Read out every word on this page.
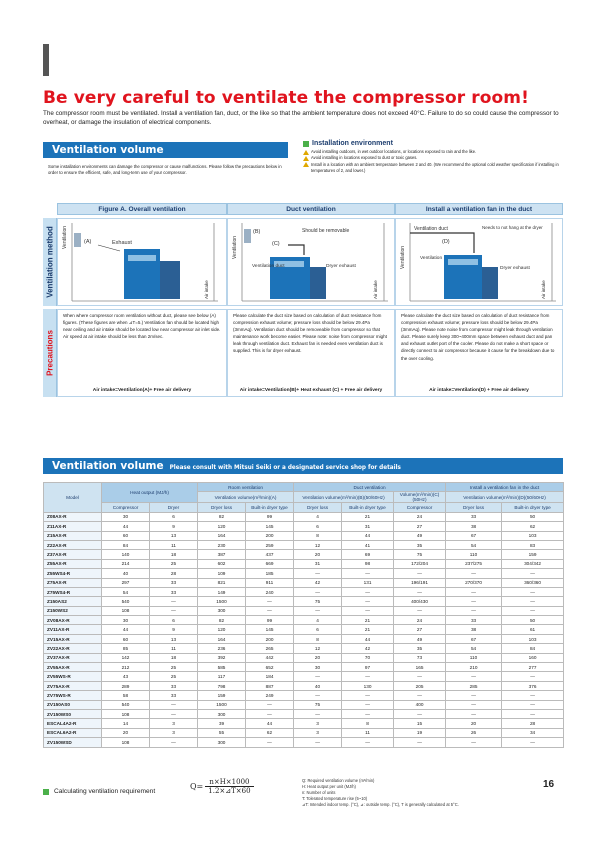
Be very careful to ventilate the compressor room!
The compressor room must be ventilated. Install a ventilation fan, duct, or the like so that the ambient temperature does not exceed 40°C. Failure to do so could cause the compressor to overheat, or damage the insulation of electrical components.
Ventilation volume
Some installation environments can damage the compressor or cause malfunctions. Please follow the precautions below in order to ensure the efficient, safe, and long-term use of your compressor.
Installation environment
Avoid installing outdoors, in wet outdoor locations, or locations exposed to rain and the like.
Avoid installing in locations exposed to dust or toxic gases.
Install in a location with an ambient temperature between 2 and 40. (We recommend the optional cold weather specification if installing in temperatures of 2, and lower.)
Figure A. Overall ventilation	Duct ventilation	Install a ventilation fan in the duct
Ventilation method
Precautions
Ventilation	(A)	Exhaust
Air intake
Ventilation
(B)
(C)
Should be removable
Ventilation duct	Dryer exhaust
Air intake
Ventilation duct
(D)
Needs to not hang at the dryer
Ventilation	Ventilation
Dryer exhaust
Air intake
When where compressor room ventilation without duct, please see below (A) figures. (These figures are when ⊿T=5.) Ventilation fan should be located high near ceiling and air intake should be located low near compressor air inlet side. Air speed at air intake should be less than 2m/sec.
Air intake=Ventilation(A)+ Free air delivery
Please calculate the duct size based on calculation of duct resistance from compression exhaust volume; pressure loss should be below 29.4Pa (3mmAq). Ventilation duct should be removeable from compressor so that maintenance work become easier. Please note: noise from compressor might leak through ventilation duct. Exhaust fan is needed even ventilation duct is supplied. This is for dryer exhaust.
Air intake=Ventilation(B)+ Heat exhaust (C) + Free air delivery
Please calculate the duct size based on calculation of duct resistance from compression exhaust volume; pressure loss should be below 29.4Pa (3mmAq). Please note noise from compressor might leak through ventilation duct. Please surely keep 300~400mm space between exhaust duct and pan and exhaust outlet port of the cooler. Please do not make a short space or directly connect to air compressor because it cause for the breakdown due to the over cooling.
Air intake=Ventilation(D) + Free air delivery
Ventilation volume Please consult with Mitsui Seiki or a designated service shop for details
Model	Heat output (MJ/h)		Room ventilation		Duct ventilation			Install a ventilation fan in the duct	
			Ventilation volume(m³/min)(A)		Ventilation volume(m³/min)(B)(50/60Hz)		Volume(m³/min)(C)(50Hz)	Ventilation volume(m³/min)(D)(50/60Hz)	
	Compressor	Dryer	Dryer loss	Built-in dryer type	Dryer loss	Built-in dryer type	Compressor	Dryer loss	Built-in dryer type
Z08AX-R	30	6	82	99	4	21	24	33	50
Z11AX-R	44	9	120	145	6	31	27	38	62
Z15AX-R	60	13	164	200	8	44	49	67	103
Z22AX-R	84	11	230	259	12	41	35	54	83
Z37AX-R	140	18	387	437	20	69	75	110	159
Z55AX-R	214	25	602	669	31	98	172/204	237/275	304/342
Z55WS4-R	40	28	109	185	—	—	—	—	—
Z75AX-R	297	33	821	911	42	131	196/191	270/370	360/360
Z75WS4-R	54	33	149	240	—	—	—	—	—
Z150AS2	540	—	1500	—	75	—	400/430	—	—
Z150WS2	108	—	300	—	—	—	—	—	—
ZV08AX-R	30	6	82	99	4	21	24	33	50
ZV11AX-R	44	9	120	145	6	21	27	38	61
ZV15AX-R	60	13	164	200	8	44	49	67	103
ZV22AX-R	85	11	236	265	12	42	35	54	84
ZV37AX-R	142	18	392	442	20	70	73	110	160
ZV55AX-R	212	25	585	652	30	97	165	210	277
ZV55WS-R	43	25	117	184	—	—	—	—	—
ZV75AX-R	289	33	798	887	40	130	205	285	376
ZV75WS-R	58	33	159	249	—	—	—	—	—
ZV150AS0	540	—	1500	—	75	—	400	—	—
ZV150WS0	108	—	300	—	—	—	—	—	—
ESCAL4A2-R	14	3	39	44	3	8	15	20	28
ESCAL6A2-R	20	3	55	62	3	11	19	26	34
ZV150WSD	108	—	300	—	—	—	—	—	—
Calculating ventilation requirement
Q=	n×H×1000
1.2×⊿T×60
Q: Required ventilation volume (m³/min)
H: Heat output per unit (MJ/h)
n: Number of units
T: Tolerated temperature rise (5~10)
⊿T: Intended indoor temp. (°C), ⊿: outside temp. (°C), T is generally calculated at 5°C.
16
